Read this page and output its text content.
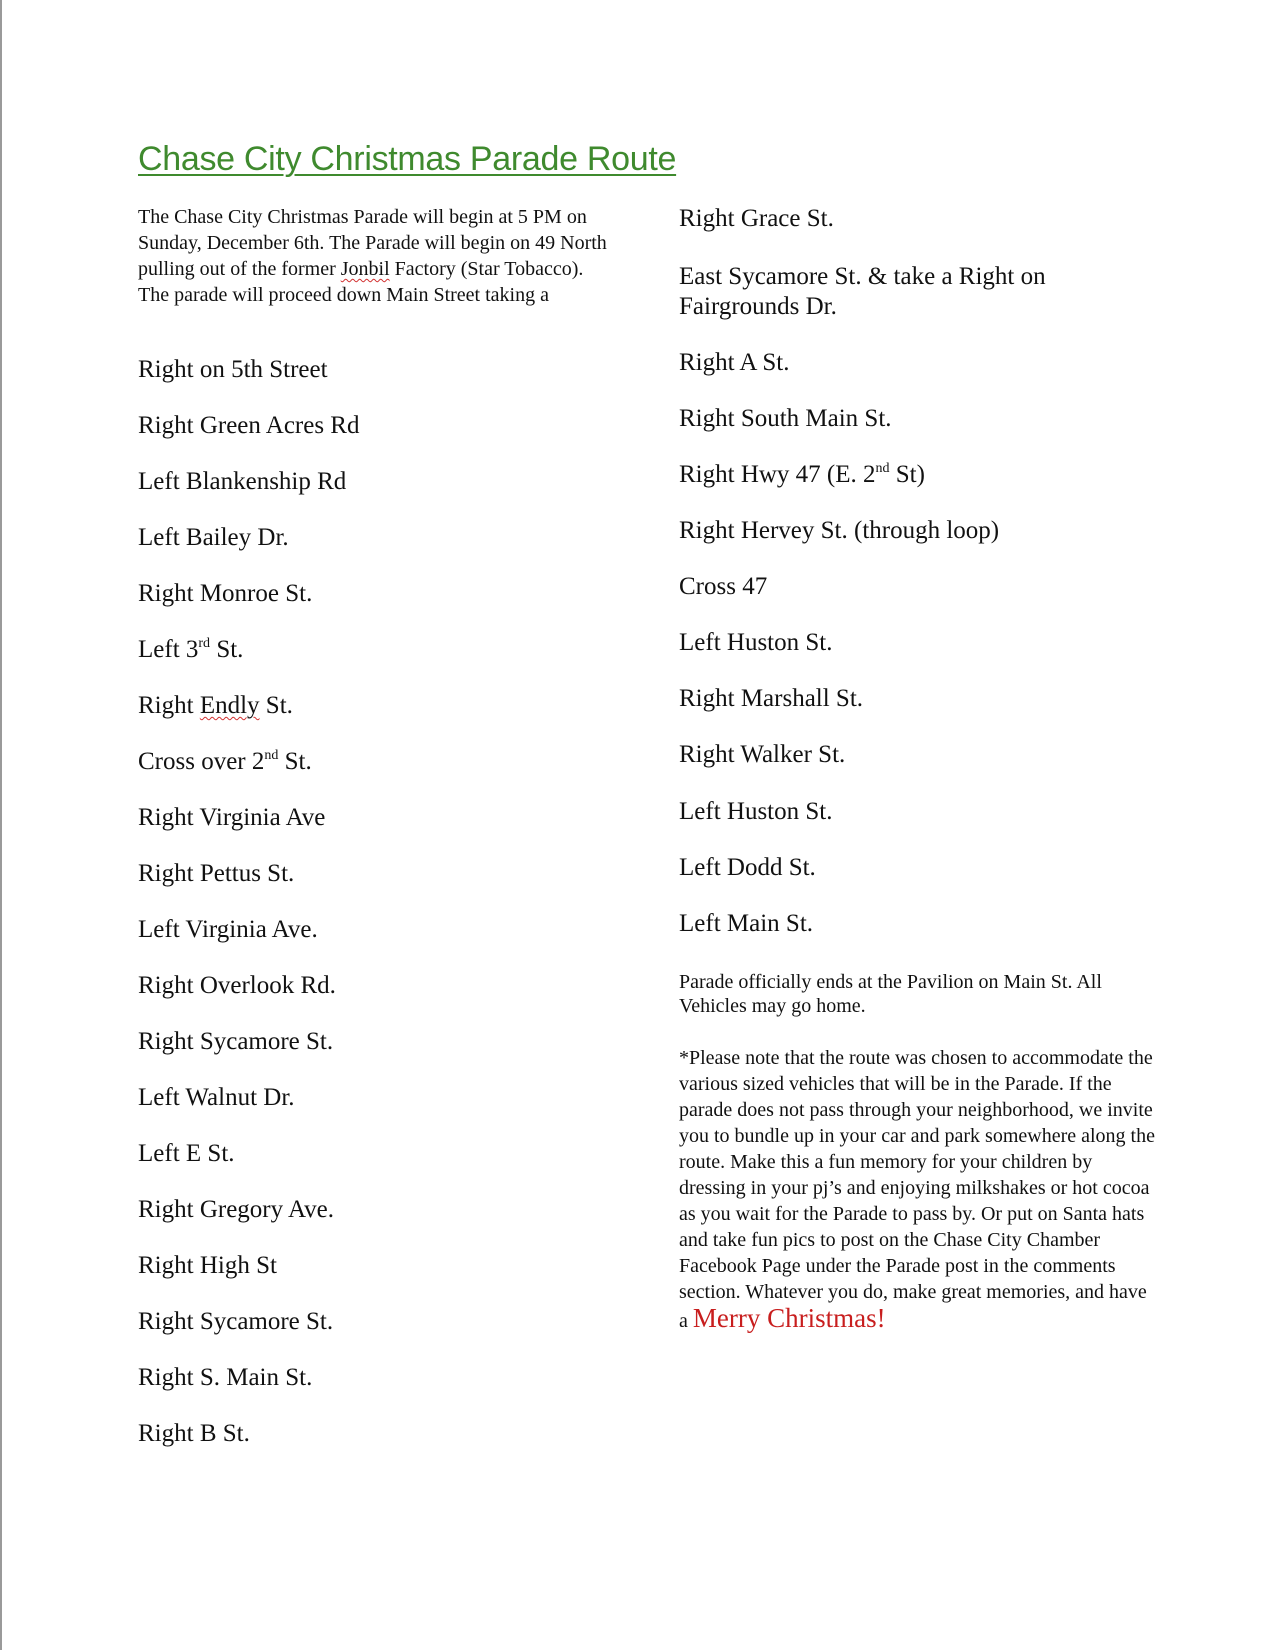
Chase City Christmas Parade Route

The Chase City Christmas Parade will begin at 5 PM on Sunday, December 6th. The Parade will begin on 49 North pulling out of the former Jonbil Factory (Star Tobacco). The parade will proceed down Main Street taking a

Right on 5th Street

Right Green Acres Rd

Left Blankenship Rd

Left Bailey Dr.

Right Monroe St.

Left 3rd St.

Right Endly St.

Cross over 2nd St.

Right Virginia Ave

Right Pettus St.

Left Virginia Ave.

Right Overlook Rd.

Right Sycamore St.

Left Walnut Dr.

Left E St.

Right Gregory Ave.

Right High St

Right Sycamore St.

Right S. Main St.

Right B St.

Right Grace St.

East Sycamore St. & take a Right on Fairgrounds Dr.

Right A St.

Right South Main St.

Right Hwy 47 (E. 2nd St)

Right Hervey St. (through loop)

Cross 47

Left Huston St.

Right Marshall St.

Right Walker St.

Left Huston St.

Left Dodd St.

Left Main St.

Parade officially ends at the Pavilion on Main St. All Vehicles may go home.

*Please note that the route was chosen to accommodate the various sized vehicles that will be in the Parade. If the parade does not pass through your neighborhood, we invite you to bundle up in your car and park somewhere along the route. Make this a fun memory for your children by dressing in your pj’s and enjoying milkshakes or hot cocoa as you wait for the Parade to pass by. Or put on Santa hats and take fun pics to post on the Chase City Chamber Facebook Page under the Parade post in the comments section. Whatever you do, make great memories, and have a Merry Christmas!
